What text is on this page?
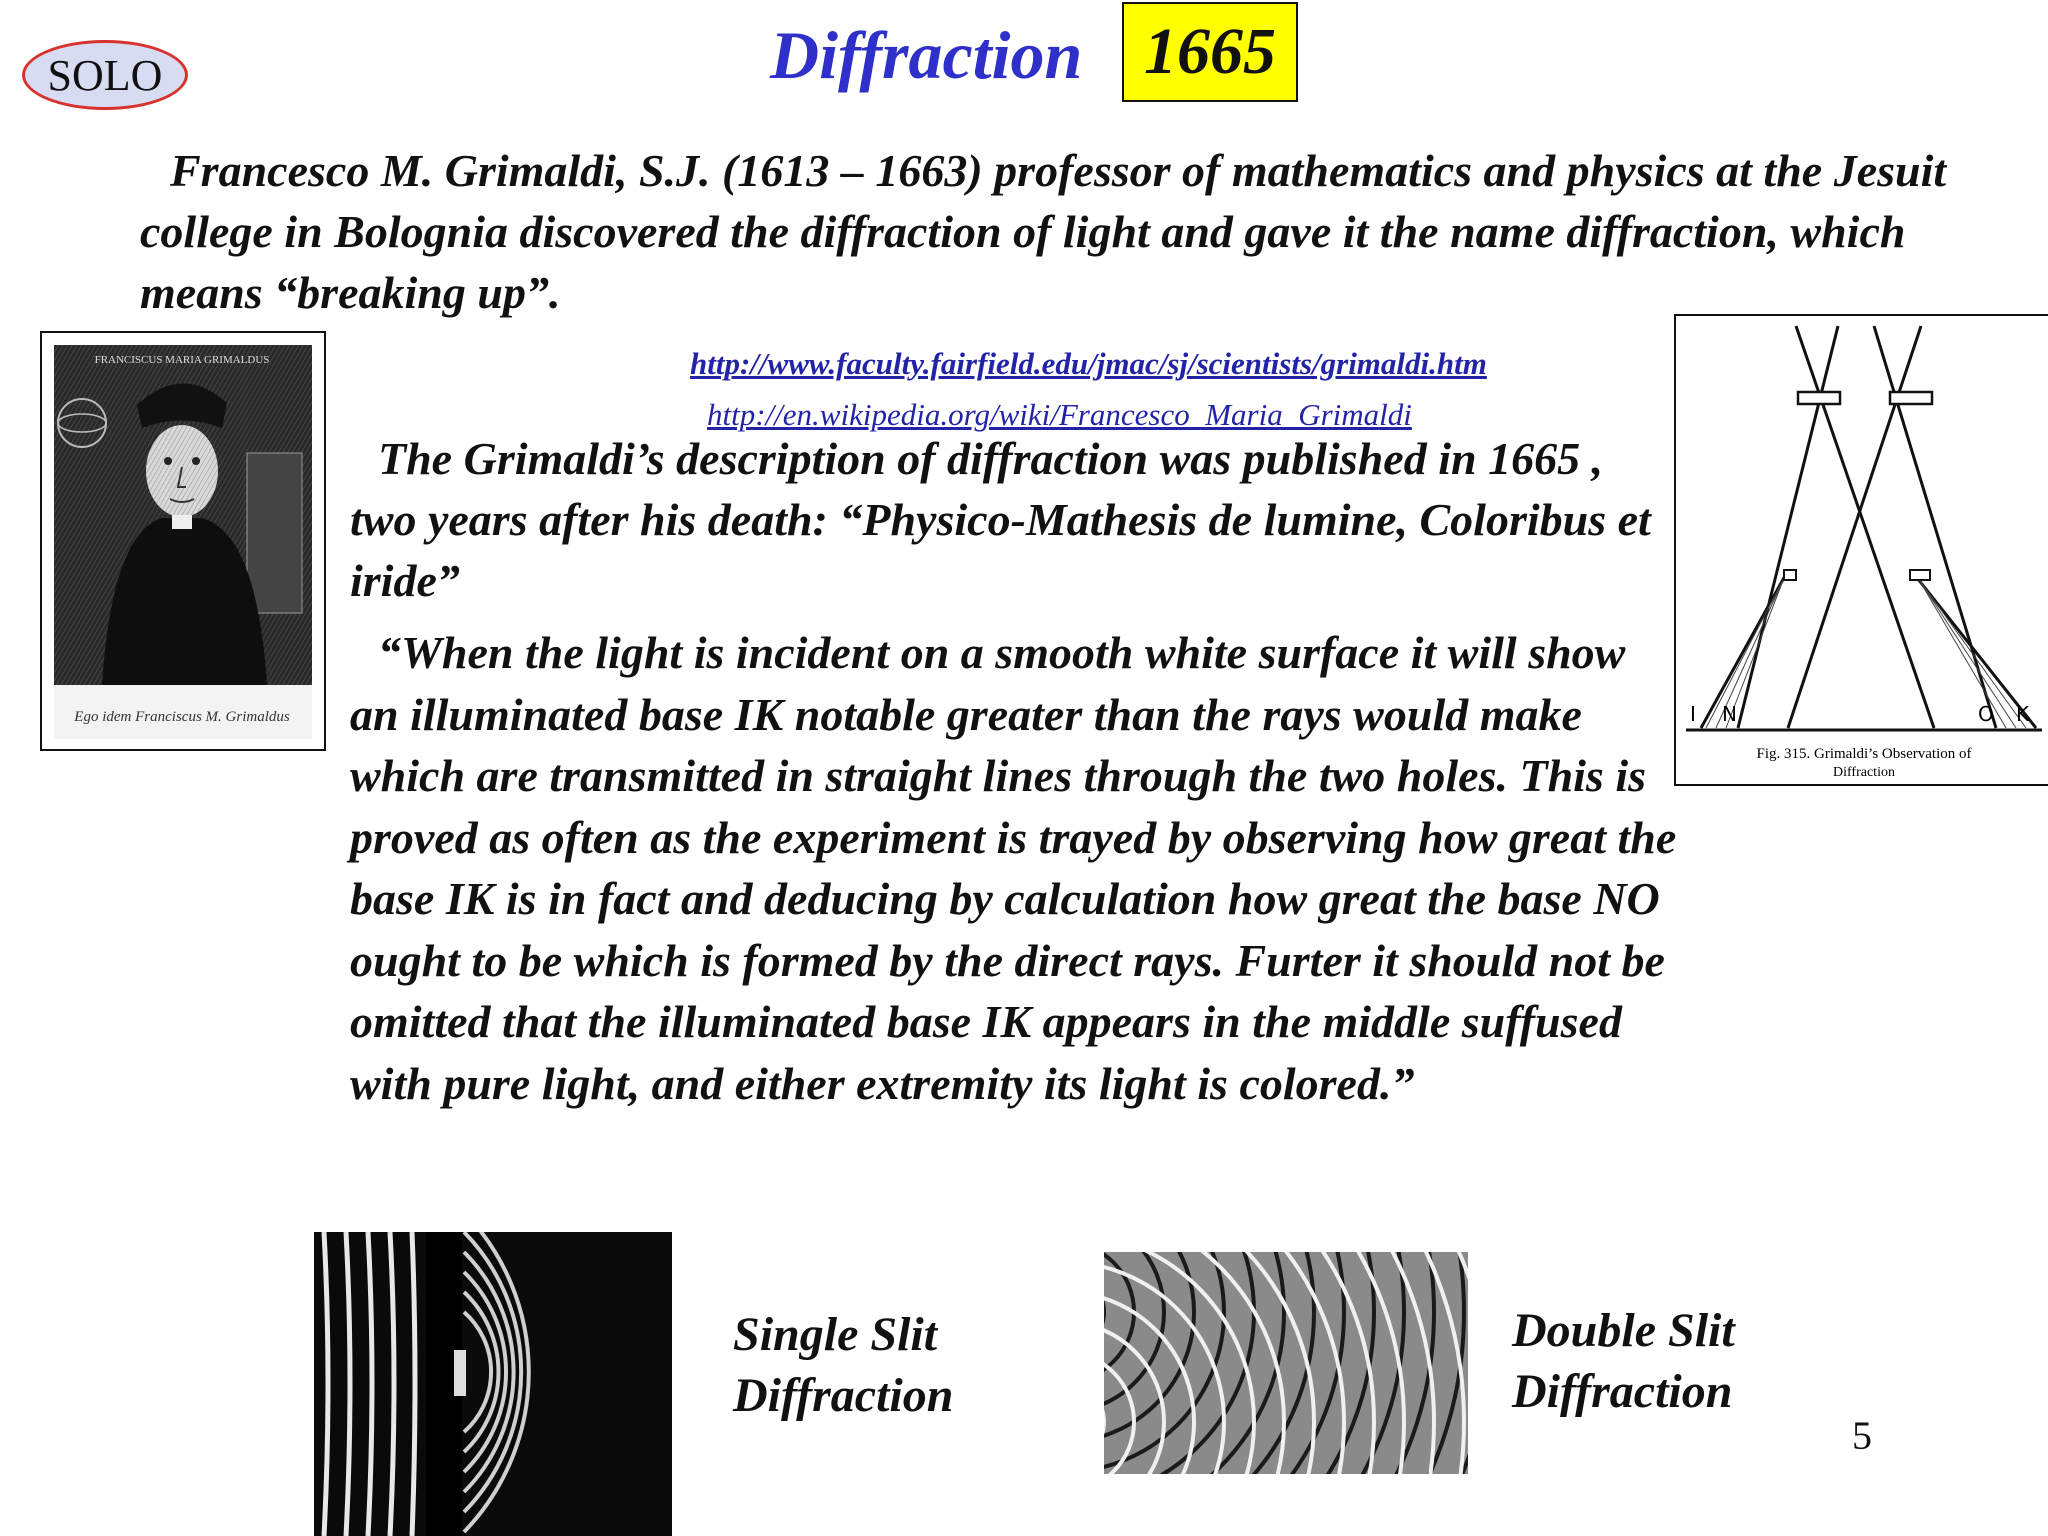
SOLO	Diffraction 1665
Francesco M. Grimaldi, S.J. (1613 – 1663) professor of mathematics and physics at the Jesuit college in Bolognia discovered the diffraction of light and gave it the name diffraction, which means “breaking up”.
FRANCISCUS MARIA GRIMALDUS
Ego idem Franciscus M. Grimaldus
http://www.faculty.fairfield.edu/jmac/sj/scientists/grimaldi.htm
http://en.wikipedia.org/wiki/Francesco_Maria_Grimaldi
The Grimaldi’s description of diffraction was published in 1665 , two years after his death: “Physico-Mathesis de lumine, Coloribus et iride”
“When the light is incident on a smooth white surface it will show an illuminated base IK notable greater than the rays would make which are transmitted in straight lines through the two holes. This is proved as often as the experiment is trayed by observing how great the base IK is in fact and deducing by calculation how great the base NO ought to be which is formed by the direct rays. Furter it should not be omitted that the illuminated base IK appears in the middle suffused with pure light, and either extremity its light is colored.”
I N	O K
Fig. 315. Grimaldi’s Observation of
Diffraction
Single Slit
Diffraction
Double Slit
Diffraction
5
